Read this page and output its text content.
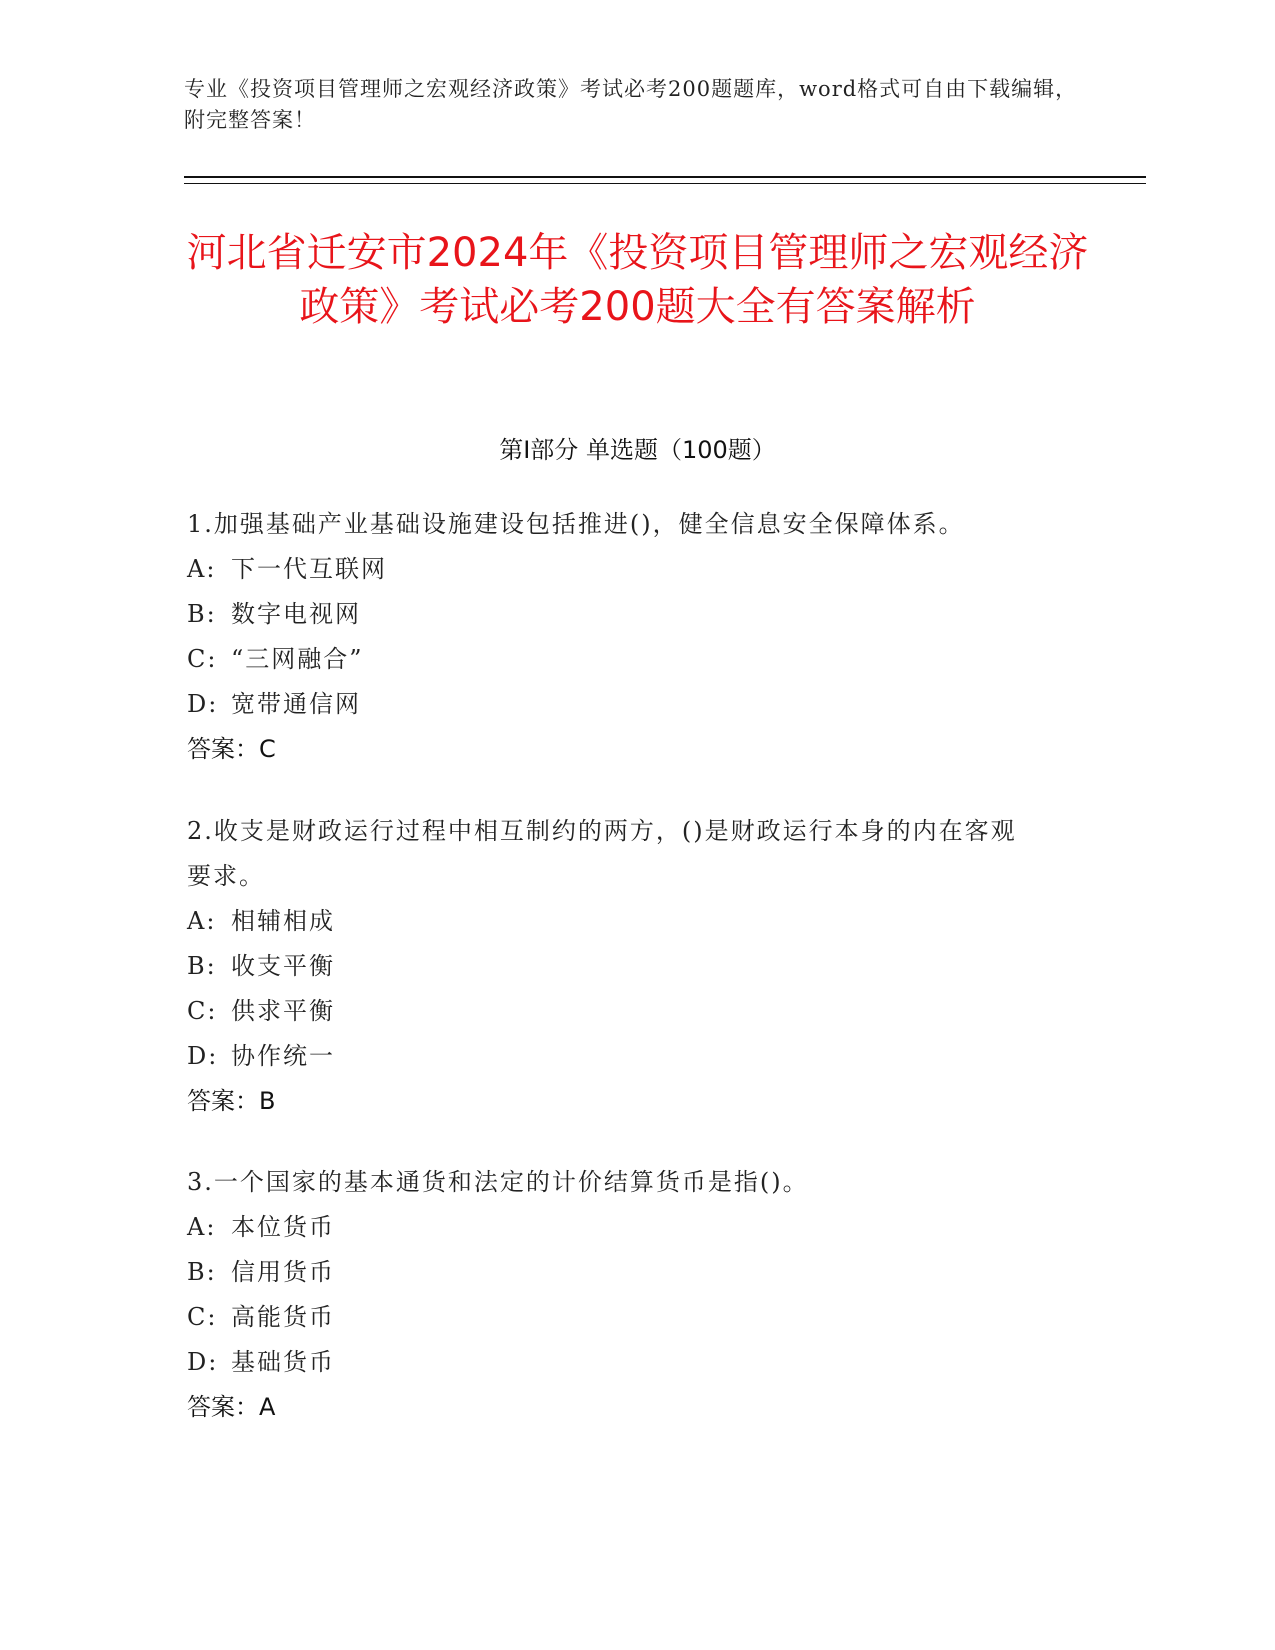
专业《投资项目管理师之宏观经济政策》考试必考200题题库，word格式可自由下载编辑，附完整答案！
河北省迁安市2024年《投资项目管理师之宏观经济政策》考试必考200题大全有答案解析
第I部分 单选题（100题）
1.加强基础产业基础设施建设包括推进()，健全信息安全保障体系。
A: 下一代互联网
B: 数字电视网
C: “三网融合”
D: 宽带通信网
答案：C
2.收支是财政运行过程中相互制约的两方，()是财政运行本身的内在客观要求。
A: 相辅相成
B: 收支平衡
C: 供求平衡
D: 协作统一
答案：B
3.一个国家的基本通货和法定的计价结算货币是指()。
A: 本位货币
B: 信用货币
C: 高能货币
D: 基础货币
答案：A
